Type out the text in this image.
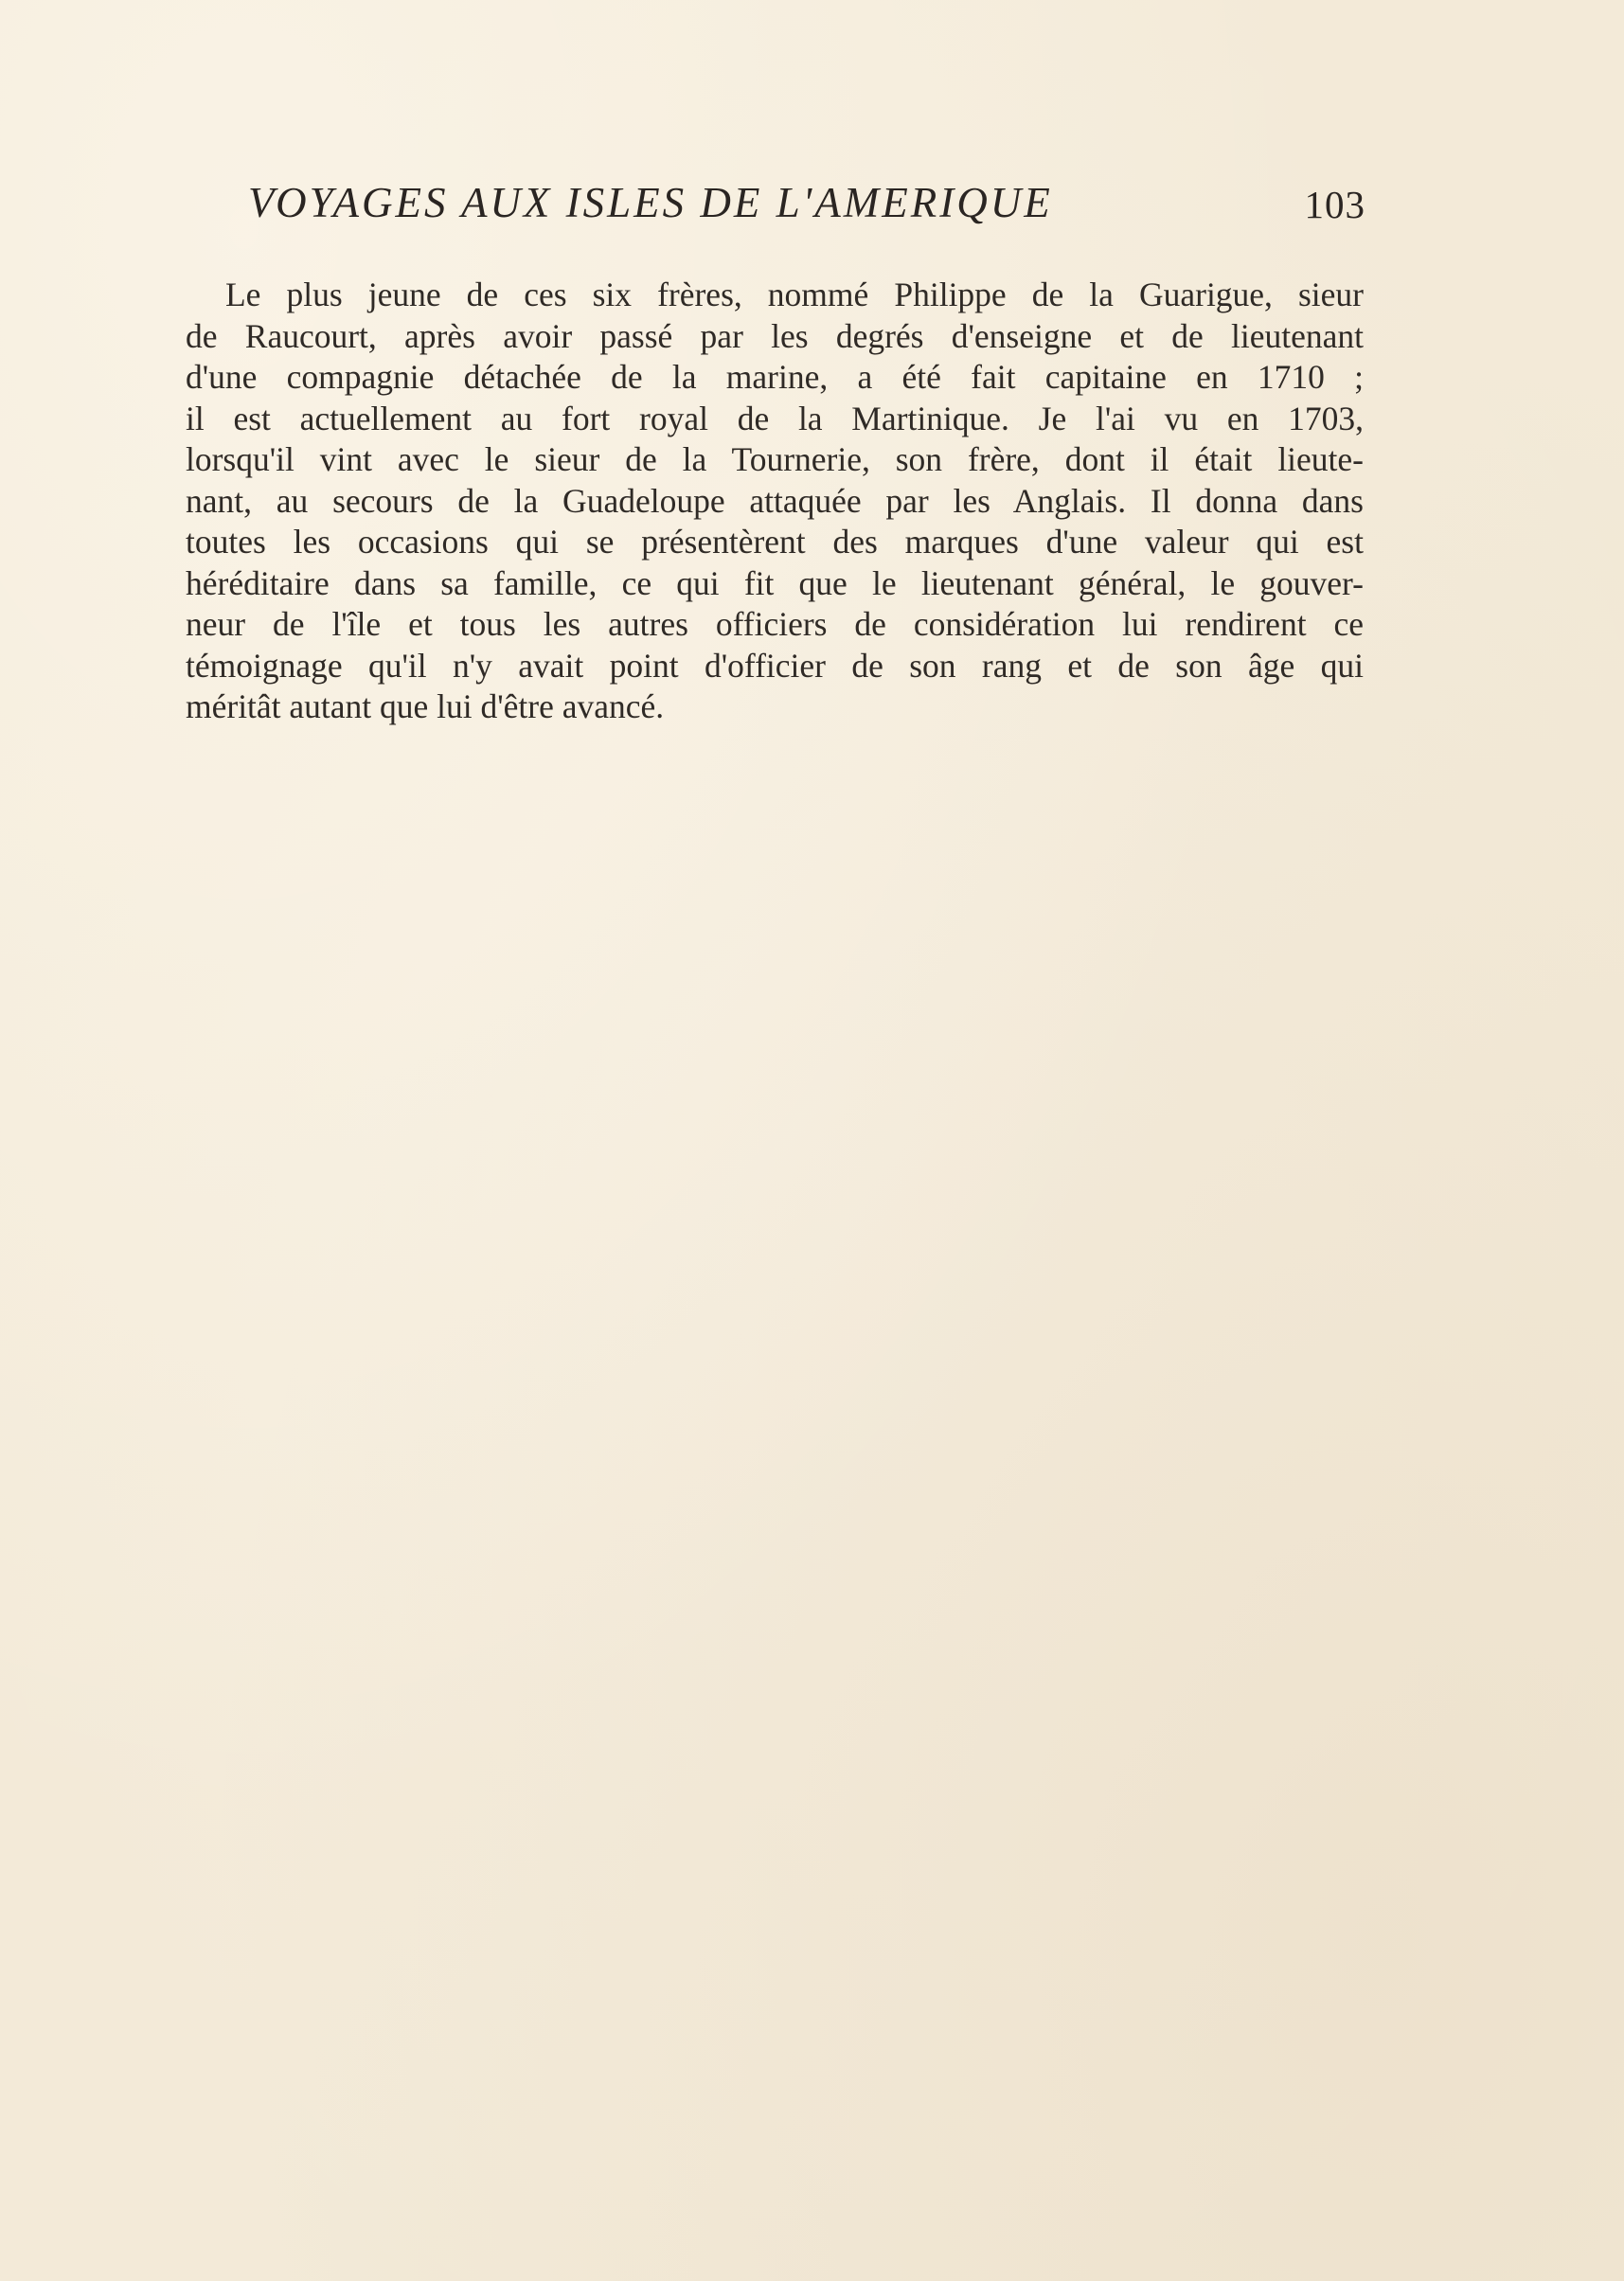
VOYAGES AUX ISLES DE L'AMERIQUE	103
Le plus jeune de ces six frères, nommé Philippe de la Guarigue, sieur
de Raucourt, après avoir passé par les degrés d'enseigne et de lieutenant
d'une compagnie détachée de la marine, a été fait capitaine en 1710 ;
il est actuellement au fort royal de la Martinique. Je l'ai vu en 1703,
lorsqu'il vint avec le sieur de la Tournerie, son frère, dont il était lieute-
nant, au secours de la Guadeloupe attaquée par les Anglais. Il donna dans
toutes les occasions qui se présentèrent des marques d'une valeur qui est
héréditaire dans sa famille, ce qui fit que le lieutenant général, le gouver-
neur de l'île et tous les autres officiers de considération lui rendirent ce
témoignage qu'il n'y avait point d'officier de son rang et de son âge qui
méritât autant que lui d'être avancé.
